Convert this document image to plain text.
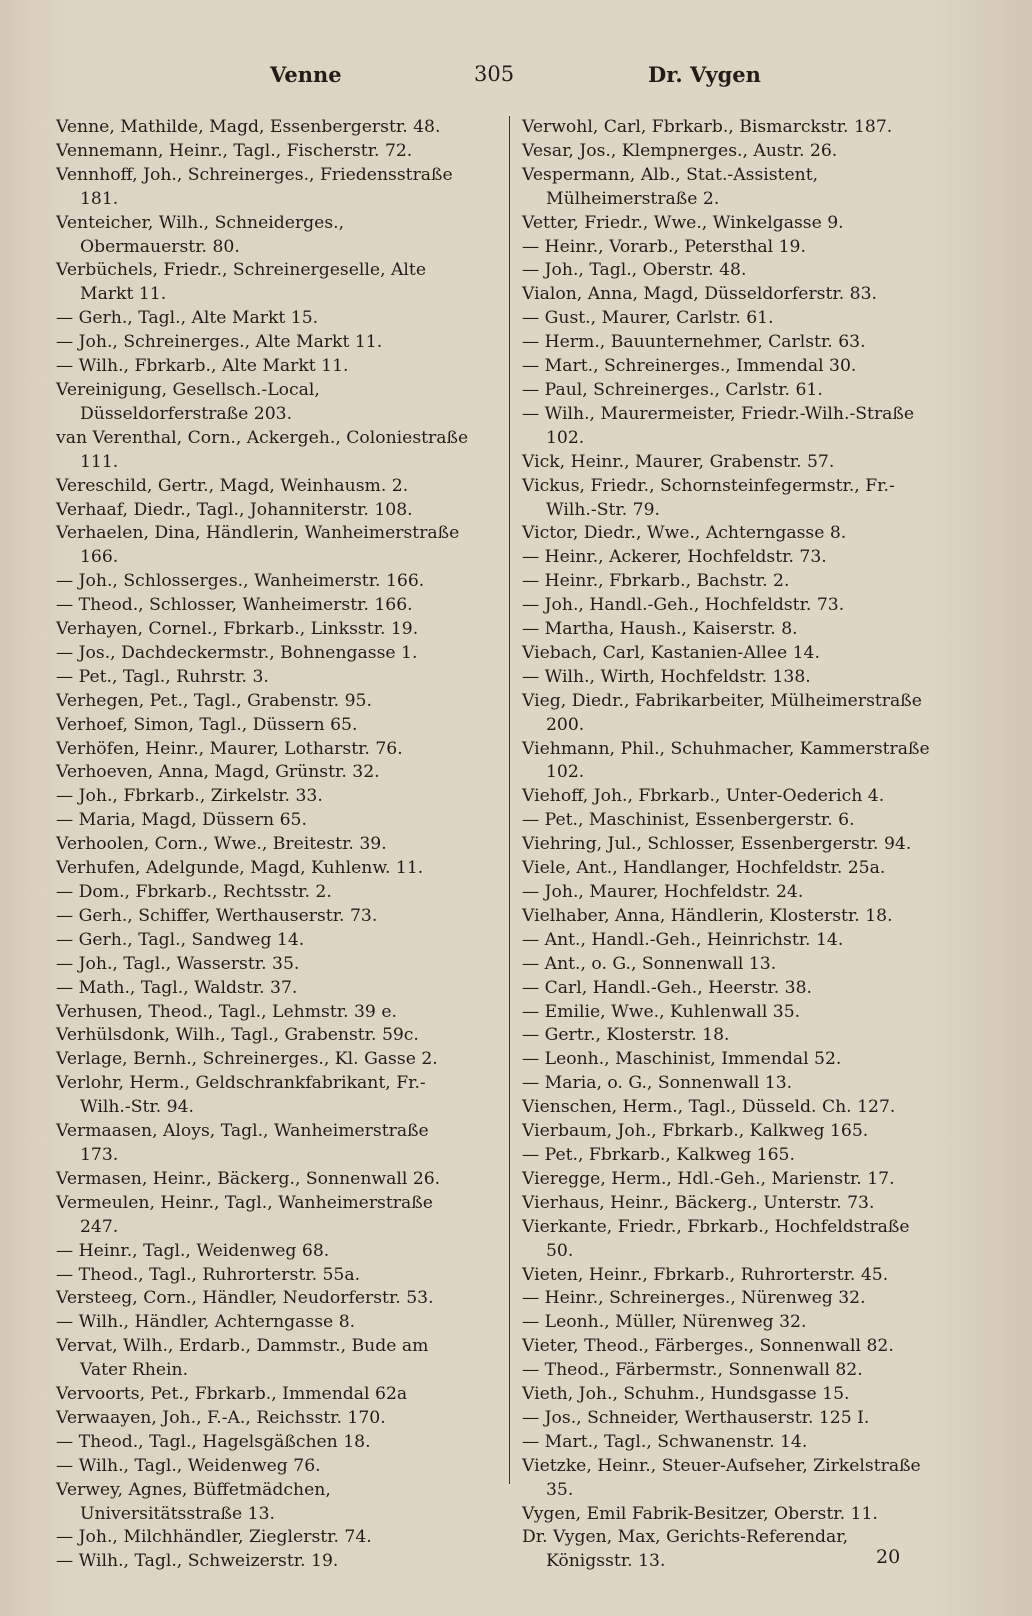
Venne	305	Dr. Vygen
Venne, Mathilde, Magd, Essenbergerstr. 48.
Vennemann, Heinr., Tagl., Fischerstr. 72.
Vennhoff, Joh., Schreinerges., Friedensstraße 181.
Venteicher, Wilh., Schneiderges., Obermauerstr. 80.
Verbüchels, Friedr., Schreinergeselle, Alte Markt 11.
— Gerh., Tagl., Alte Markt 15.
— Joh., Schreinerges., Alte Markt 11.
— Wilh., Fbrkarb., Alte Markt 11.
Vereinigung, Gesellsch.-Local, Düsseldorferstraße 203.
van Verenthal, Corn., Ackergeh., Coloniestraße 111.
Vereschild, Gertr., Magd, Weinhausm. 2.
Verhaaf, Diedr., Tagl., Johanniterstr. 108.
Verhaelen, Dina, Händlerin, Wanheimerstraße 166.
— Joh., Schlosserges., Wanheimerstr. 166.
— Theod., Schlosser, Wanheimerstr. 166.
Verhayen, Cornel., Fbrkarb., Linksstr. 19.
— Jos., Dachdeckermstr., Bohnengasse 1.
— Pet., Tagl., Ruhrstr. 3.
Verhegen, Pet., Tagl., Grabenstr. 95.
Verhoef, Simon, Tagl., Düssern 65.
Verhöfen, Heinr., Maurer, Lotharstr. 76.
Verhoeven, Anna, Magd, Grünstr. 32.
— Joh., Fbrkarb., Zirkelstr. 33.
— Maria, Magd, Düssern 65.
Verhoolen, Corn., Wwe., Breitestr. 39.
Verhufen, Adelgunde, Magd, Kuhlenw. 11.
— Dom., Fbrkarb., Rechtsstr. 2.
— Gerh., Schiffer, Werthauserstr. 73.
— Gerh., Tagl., Sandweg 14.
— Joh., Tagl., Wasserstr. 35.
— Math., Tagl., Waldstr. 37.
Verhusen, Theod., Tagl., Lehmstr. 39 e.
Verhülsdonk, Wilh., Tagl., Grabenstr. 59c.
Verlage, Bernh., Schreinerges., Kl. Gasse 2.
Verlohr, Herm., Geldschrankfabrikant, Fr.-Wilh.-Str. 94.
Vermaasen, Aloys, Tagl., Wanheimerstraße 173.
Vermasen, Heinr., Bäckerg., Sonnenwall 26.
Vermeulen, Heinr., Tagl., Wanheimerstraße 247.
— Heinr., Tagl., Weidenweg 68.
— Theod., Tagl., Ruhrorterstr. 55a.
Versteeg, Corn., Händler, Neudorferstr. 53.
— Wilh., Händler, Achterngasse 8.
Vervat, Wilh., Erdarb., Dammstr., Bude am Vater Rhein.
Vervoorts, Pet., Fbrkarb., Immendal 62a
Verwaayen, Joh., F.-A., Reichsstr. 170.
— Theod., Tagl., Hagelsgäßchen 18.
— Wilh., Tagl., Weidenweg 76.
Verwey, Agnes, Büffetmädchen, Universitätsstraße 13.
— Joh., Milchhändler, Zieglerstr. 74.
— Wilh., Tagl., Schweizerstr. 19.
Verwohl, Carl, Fbrkarb., Bismarckstr. 187.
Vesar, Jos., Klempnerges., Austr. 26.
Vespermann, Alb., Stat.-Assistent, Mülheimerstraße 2.
Vetter, Friedr., Wwe., Winkelgasse 9.
— Heinr., Vorarb., Petersthal 19.
— Joh., Tagl., Oberstr. 48.
Vialon, Anna, Magd, Düsseldorferstr. 83.
— Gust., Maurer, Carlstr. 61.
— Herm., Bauunternehmer, Carlstr. 63.
— Mart., Schreinerges., Immendal 30.
— Paul, Schreinerges., Carlstr. 61.
— Wilh., Maurermeister, Friedr.-Wilh.-Straße 102.
Vick, Heinr., Maurer, Grabenstr. 57.
Vickus, Friedr., Schornsteinfegermstr., Fr.-Wilh.-Str. 79.
Victor, Diedr., Wwe., Achterngasse 8.
— Heinr., Ackerer, Hochfeldstr. 73.
— Heinr., Fbrkarb., Bachstr. 2.
— Joh., Handl.-Geh., Hochfeldstr. 73.
— Martha, Haush., Kaiserstr. 8.
Viebach, Carl, Kastanien-Allee 14.
— Wilh., Wirth, Hochfeldstr. 138.
Vieg, Diedr., Fabrikarbeiter, Mülheimerstraße 200.
Viehmann, Phil., Schuhmacher, Kammerstraße 102.
Viehoff, Joh., Fbrkarb., Unter-Oederich 4.
— Pet., Maschinist, Essenbergerstr. 6.
Viehring, Jul., Schlosser, Essenbergerstr. 94.
Viele, Ant., Handlanger, Hochfeldstr. 25a.
— Joh., Maurer, Hochfeldstr. 24.
Vielhaber, Anna, Händlerin, Klosterstr. 18.
— Ant., Handl.-Geh., Heinrichstr. 14.
— Ant., o. G., Sonnenwall 13.
— Carl, Handl.-Geh., Heerstr. 38.
— Emilie, Wwe., Kuhlenwall 35.
— Gertr., Klosterstr. 18.
— Leonh., Maschinist, Immendal 52.
— Maria, o. G., Sonnenwall 13.
Vienschen, Herm., Tagl., Düsseld. Ch. 127.
Vierbaum, Joh., Fbrkarb., Kalkweg 165.
— Pet., Fbrkarb., Kalkweg 165.
Vieregge, Herm., Hdl.-Geh., Marienstr. 17.
Vierhaus, Heinr., Bäckerg., Unterstr. 73.
Vierkante, Friedr., Fbrkarb., Hochfeldstraße 50.
Vieten, Heinr., Fbrkarb., Ruhrorterstr. 45.
— Heinr., Schreinerges., Nürenweg 32.
— Leonh., Müller, Nürenweg 32.
Vieter, Theod., Färberges., Sonnenwall 82.
— Theod., Färbermstr., Sonnenwall 82.
Vieth, Joh., Schuhm., Hundsgasse 15.
— Jos., Schneider, Werthauserstr. 125 I.
— Mart., Tagl., Schwanenstr. 14.
Vietzke, Heinr., Steuer-Aufseher, Zirkelstraße 35.
Vygen, Emil Fabrik-Besitzer, Oberstr. 11.
Dr. Vygen, Max, Gerichts-Referendar, Königsstr. 13.	20
